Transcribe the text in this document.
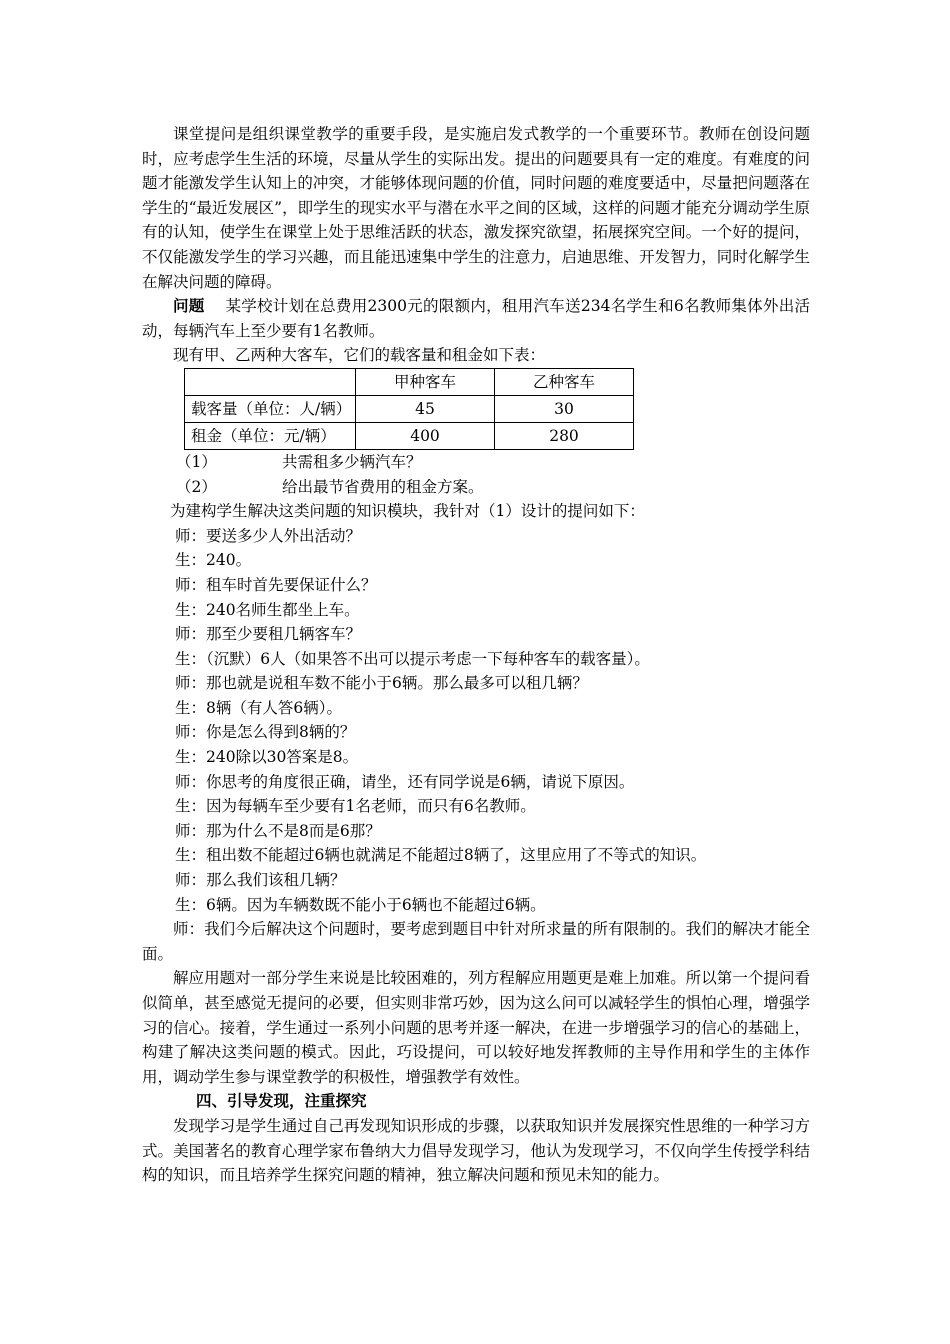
课堂提问是组织课堂教学的重要手段，是实施启发式教学的一个重要环节。教师在创设问题时，应考虑学生生活的环境，尽量从学生的实际出发。提出的问题要具有一定的难度。有难度的问题才能激发学生认知上的冲突，才能够体现问题的价值，同时问题的难度要适中，尽量把问题落在学生的“最近发展区”，即学生的现实水平与潜在水平之间的区域，这样的问题才能充分调动学生原有的认知，使学生在课堂上处于思维活跃的状态，激发探究欲望，拓展探究空间。一个好的提问，不仅能激发学生的学习兴趣，而且能迅速集中学生的注意力，启迪思维、开发智力，同时化解学生在解决问题的障碍。

问题 某学校计划在总费用2300元的限额内，租用汽车送234名学生和6名教师集体外出活动，每辆汽车上至少要有1名教师。

现有甲、乙两种大客车，它们的载客量和租金如下表：

	甲种客车	乙种客车
载客量（单位：人/辆）	45	30
租金（单位：元/辆）	400	280

（1）	共需租多少辆汽车？

（2）	给出最节省费用的租金方案。

为建构学生解决这类问题的知识模块，我针对（1）设计的提问如下：

师：要送多少人外出活动？

生：240。

师：租车时首先要保证什么？

生：240名师生都坐上车。

师：那至少要租几辆客车？

生：（沉默）6人（如果答不出可以提示考虑一下每种客车的载客量）。

师：那也就是说租车数不能小于6辆。那么最多可以租几辆？

生：8辆（有人答6辆）。

师：你是怎么得到8辆的？

生：240除以30答案是8。

师：你思考的角度很正确，请坐，还有同学说是6辆，请说下原因。

生：因为每辆车至少要有1名老师，而只有6名教师。

师：那为什么不是8而是6那？

生：租出数不能超过6辆也就满足不能超过8辆了，这里应用了不等式的知识。

师：那么我们该租几辆？

生：6辆。因为车辆数既不能小于6辆也不能超过6辆。

师：我们今后解决这个问题时，要考虑到题目中针对所求量的所有限制的。我们的解决才能全面。

解应用题对一部分学生来说是比较困难的，列方程解应用题更是难上加难。所以第一个提问看似简单，甚至感觉无提问的必要，但实则非常巧妙，因为这么问可以减轻学生的惧怕心理，增强学习的信心。接着，学生通过一系列小问题的思考并逐一解决，在进一步增强学习的信心的基础上，构建了解决这类问题的模式。因此，巧设提问，可以较好地发挥教师的主导作用和学生的主体作用，调动学生参与课堂教学的积极性，增强教学有效性。

四、引导发现，注重探究

发现学习是学生通过自己再发现知识形成的步骤，以获取知识并发展探究性思维的一种学习方式。美国著名的教育心理学家布鲁纳大力倡导发现学习，他认为发现学习，不仅向学生传授学科结构的知识，而且培养学生探究问题的精神，独立解决问题和预见未知的能力。
